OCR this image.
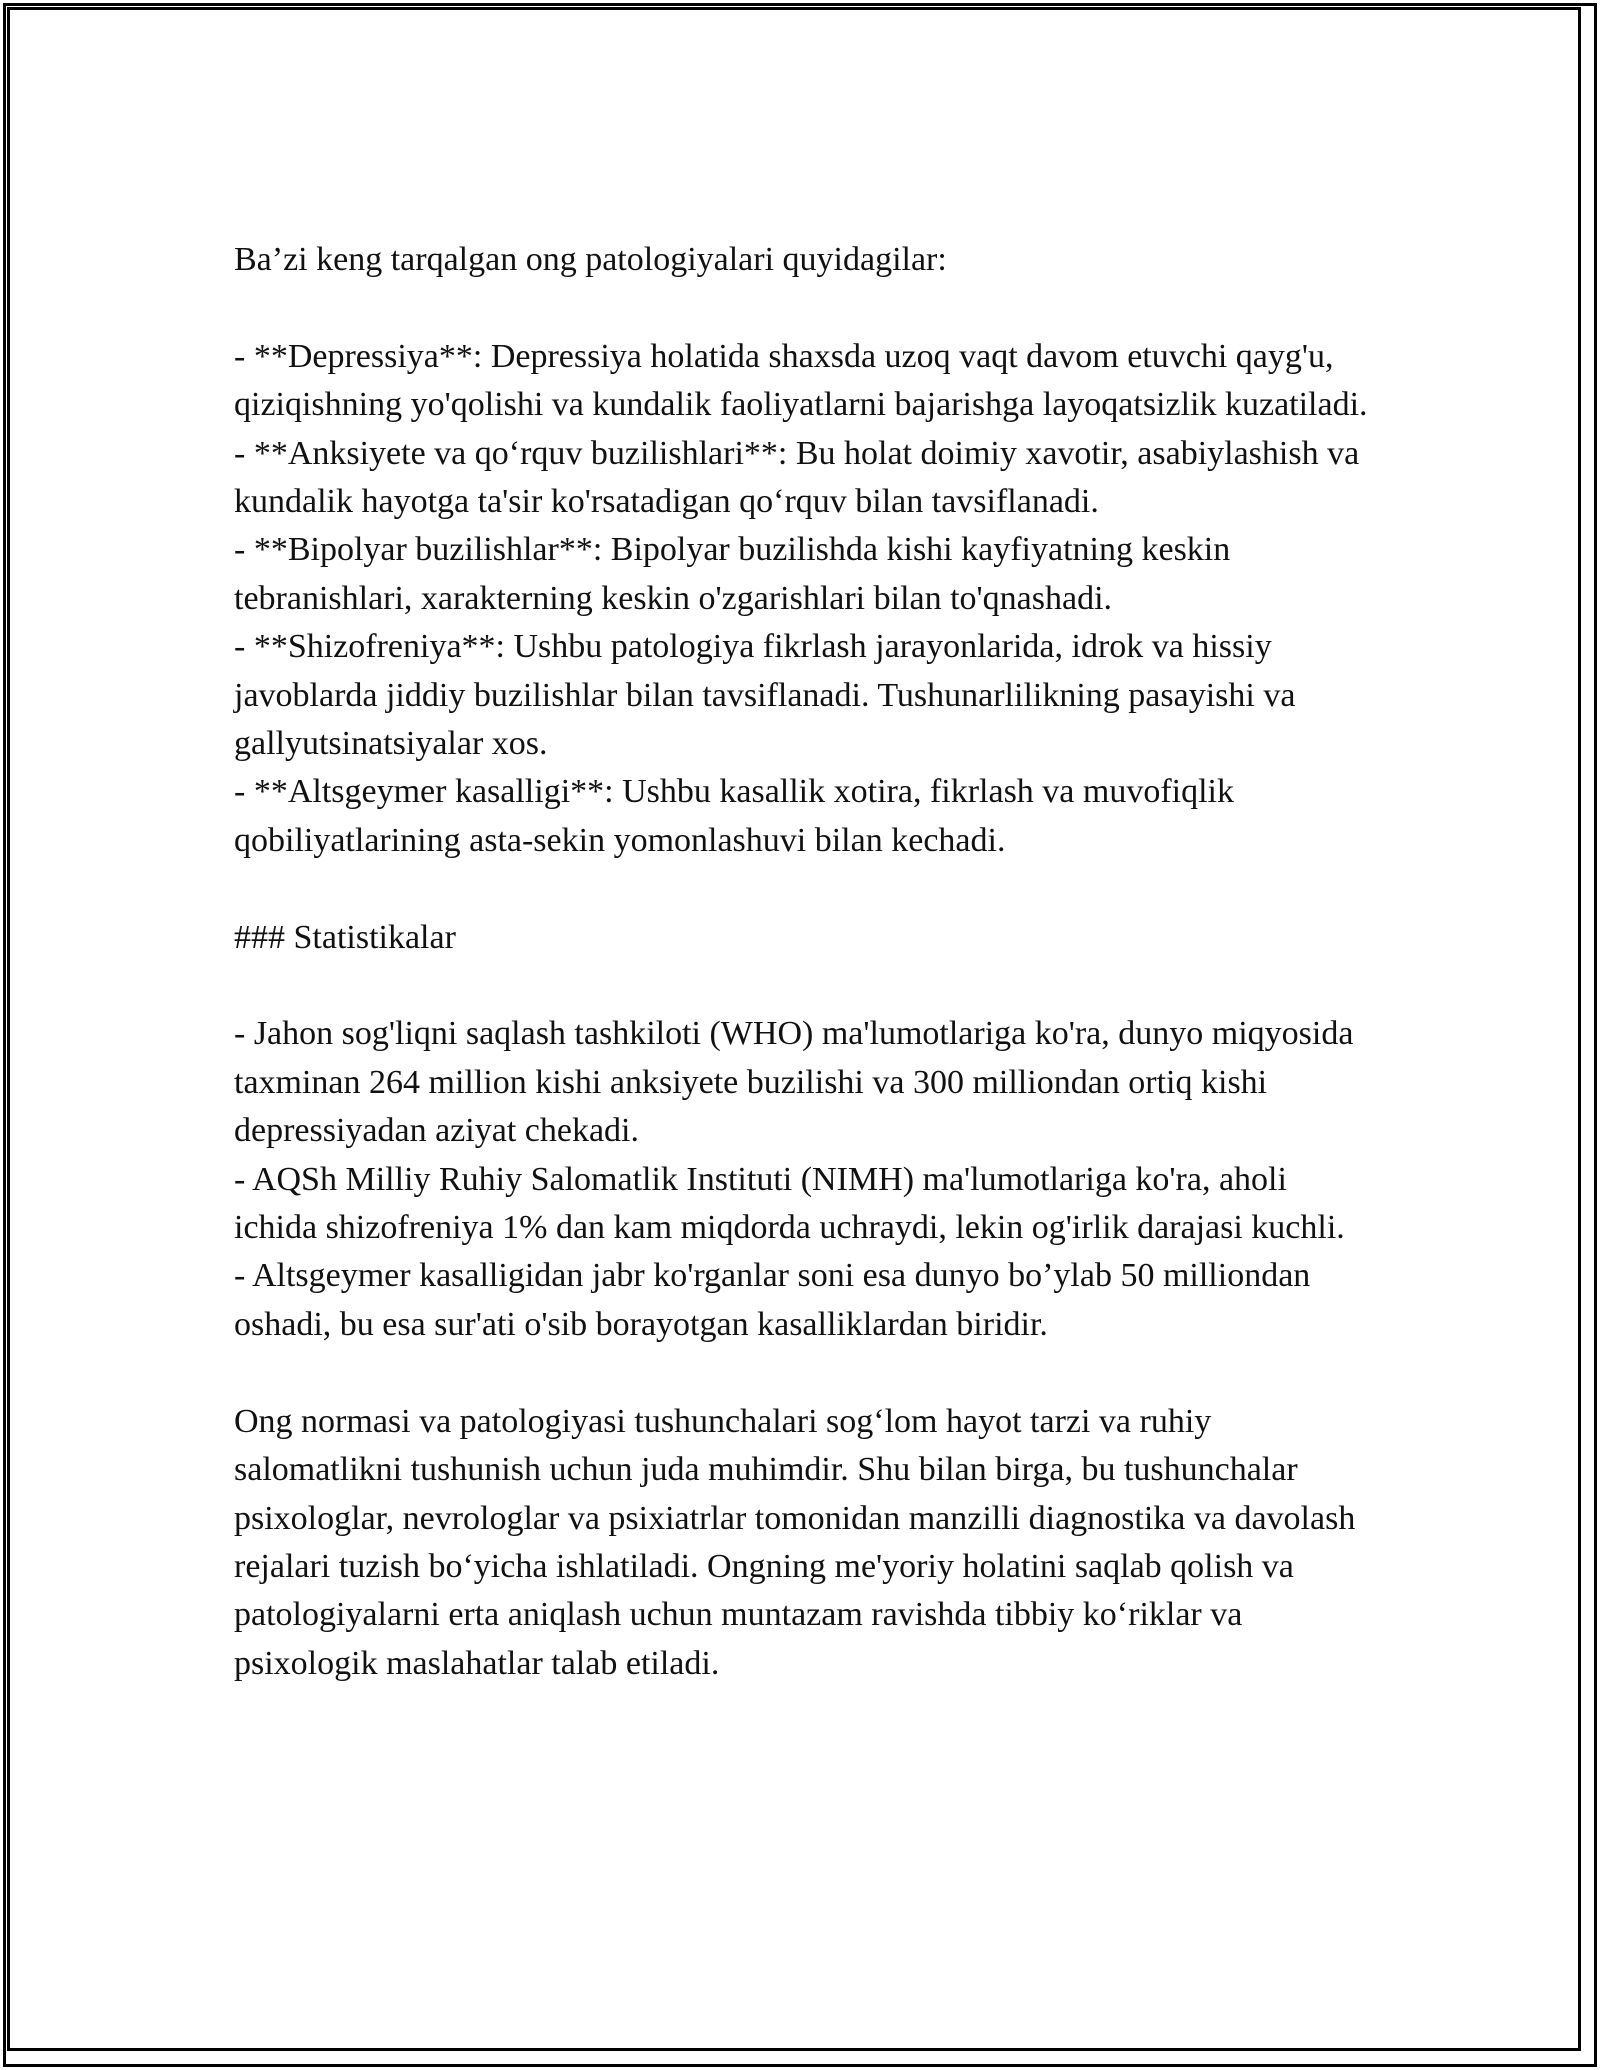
Ba’zi keng tarqalgan ong patologiyalari quyidagilar:

- **Depressiya**: Depressiya holatida shaxsda uzoq vaqt davom etuvchi qayg'u, qiziqishning yo'qolishi va kundalik faoliyatlarni bajarishga layoqatsizlik kuzatiladi.

- **Anksiyete va qo‘rquv buzilishlari**: Bu holat doimiy xavotir, asabiylashish va kundalik hayotga ta'sir ko'rsatadigan qo‘rquv bilan tavsiflanadi.

- **Bipolyar buzilishlar**: Bipolyar buzilishda kishi kayfiyatning keskin tebranishlari, xarakterning keskin o'zgarishlari bilan to'qnashadi.

- **Shizofreniya**: Ushbu patologiya fikrlash jarayonlarida, idrok va hissiy javoblarda jiddiy buzilishlar bilan tavsiflanadi. Tushunarlilikning pasayishi va gallyutsinatsiyalar xos.

- **Altsgeymer kasalligi**: Ushbu kasallik xotira, fikrlash va muvofiqlik qobiliyatlarining asta-sekin yomonlashuvi bilan kechadi.

### Statistikalar

- Jahon sog'liqni saqlash tashkiloti (WHO) ma'lumotlariga ko'ra, dunyo miqyosida taxminan 264 million kishi anksiyete buzilishi va 300 milliondan ortiq kishi depressiyadan aziyat chekadi.

- AQSh Milliy Ruhiy Salomatlik Instituti (NIMH) ma'lumotlariga ko'ra, aholi ichida shizofreniya 1% dan kam miqdorda uchraydi, lekin og'irlik darajasi kuchli.

- Altsgeymer kasalligidan jabr ko'rganlar soni esa dunyo bo’ylab 50 milliondan oshadi, bu esa sur'ati o'sib borayotgan kasalliklardan biridir.

Ong normasi va patologiyasi tushunchalari sog‘lom hayot tarzi va ruhiy salomatlikni tushunish uchun juda muhimdir. Shu bilan birga, bu tushunchalar psixologlar, nevrologlar va psixiatrlar tomonidan manzilli diagnostika va davolash rejalari tuzish bo‘yicha ishlatiladi. Ongning me'yoriy holatini saqlab qolish va patologiyalarni erta aniqlash uchun muntazam ravishda tibbiy ko‘riklar va psixologik maslahatlar talab etiladi.
